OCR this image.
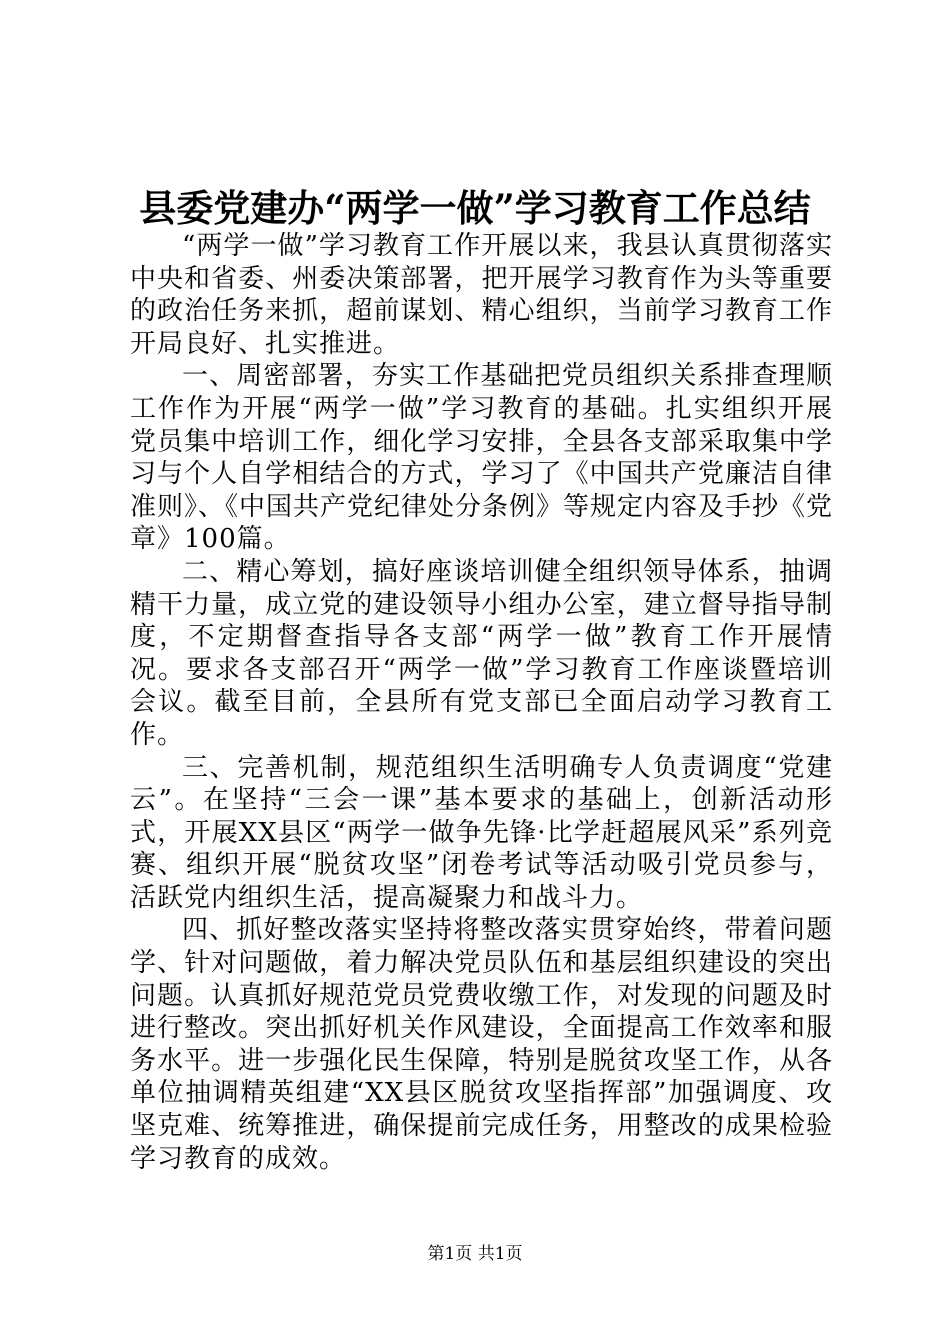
县委党建办“两学一做”学习教育工作总结

“两学一做”学习教育工作开展以来，我县认真贯彻落实中央和省委、州委决策部署，把开展学习教育作为头等重要的政治任务来抓，超前谋划、精心组织，当前学习教育工作开局良好、扎实推进。

一、周密部署，夯实工作基础把党员组织关系排查理顺工作作为开展“两学一做”学习教育的基础。扎实组织开展党员集中培训工作，细化学习安排，全县各支部采取集中学习与个人自学相结合的方式，学习了《中国共产党廉洁自律准则》、《中国共产党纪律处分条例》等规定内容及手抄《党章》100篇。

二、精心筹划，搞好座谈培训健全组织领导体系，抽调精干力量，成立党的建设领导小组办公室，建立督导指导制度，不定期督查指导各支部“两学一做”教育工作开展情况。要求各支部召开“两学一做”学习教育工作座谈暨培训会议。截至目前，全县所有党支部已全面启动学习教育工作。

三、完善机制，规范组织生活明确专人负责调度“党建云”。在坚持“三会一课”基本要求的基础上，创新活动形式，开展XX县区“两学一做争先锋·比学赶超展风采”系列竞赛、组织开展“脱贫攻坚”闭卷考试等活动吸引党员参与，活跃党内组织生活，提高凝聚力和战斗力。

四、抓好整改落实坚持将整改落实贯穿始终，带着问题学、针对问题做，着力解决党员队伍和基层组织建设的突出问题。认真抓好规范党员党费收缴工作，对发现的问题及时进行整改。突出抓好机关作风建设，全面提高工作效率和服务水平。进一步强化民生保障，特别是脱贫攻坚工作，从各单位抽调精英组建“XX县区脱贫攻坚指挥部”加强调度、攻坚克难、统筹推进，确保提前完成任务，用整改的成果检验学习教育的成效。

第1页 共1页
